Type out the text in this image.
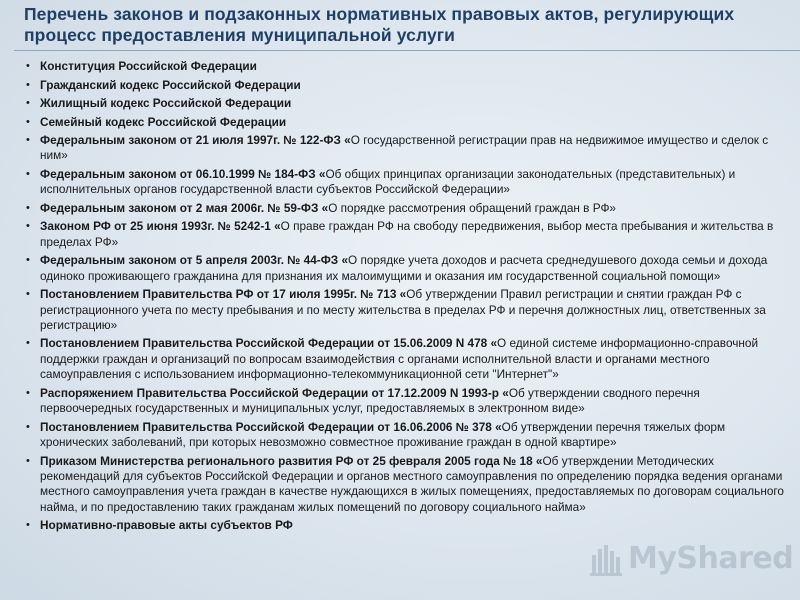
Перечень законов и подзаконных нормативных правовых актов, регулирующих
процесс предоставления муниципальной услуги
• Конституция Российской Федерации
• Гражданский кодекс Российской Федерации
• Жилищный кодекс Российской Федерации
• Семейный кодекс Российской Федерации
• Федеральным законом от 21 июля 1997г. № 122-ФЗ «О государственной регистрации прав на недвижимое имущество и сделок с ним»
• Федеральным законом от 06.10.1999 № 184-ФЗ «Об общих принципах организации законодательных (представительных) и исполнительных органов государственной власти субъектов Российской Федерации»
• Федеральным законом от 2 мая 2006г. № 59-ФЗ «О порядке рассмотрения обращений граждан в РФ»
• Законом РФ от 25 июня 1993г. № 5242-1 «О праве граждан РФ на свободу передвижения, выбор места пребывания и жительства в пределах РФ»
• Федеральным законом от 5 апреля 2003г. № 44-ФЗ «О порядке учета доходов и расчета среднедушевого дохода семьи и дохода одиноко проживающего гражданина для признания их малоимущими и оказания им государственной социальной помощи»
• Постановлением Правительства РФ от 17 июля 1995г. № 713 «Об утверждении Правил регистрации и снятии граждан РФ с регистрационного учета по месту пребывания и по месту жительства в пределах РФ и перечня должностных лиц, ответственных за регистрацию»
• Постановлением Правительства Российской Федерации от 15.06.2009 N 478 «О единой системе информационно-справочной поддержки граждан и организаций по вопросам взаимодействия с органами исполнительной власти и органами местного самоуправления с использованием информационно-телекоммуникационной сети "Интернет"»
• Распоряжением Правительства Российской Федерации от 17.12.2009 N 1993-р «Об утверждении сводного перечня первоочередных государственных и муниципальных услуг, предоставляемых в электронном виде»
• Постановлением Правительства Российской Федерации от 16.06.2006 № 378 «Об утверждении перечня тяжелых форм хронических заболеваний, при которых невозможно совместное проживание граждан в одной квартире»
• Приказом Министерства регионального развития РФ от 25 февраля 2005 года № 18 «Об утверждении Методических рекомендаций для субъектов Российской Федерации и органов местного самоуправления по определению порядка ведения органами местного самоуправления учета граждан в качестве нуждающихся в жилых помещениях, предоставляемых по договорам социального найма, и по предоставлению таких гражданам жилых помещений по договору социального найма»
• Нормативно-правовые акты субъектов РФ
MyShared
